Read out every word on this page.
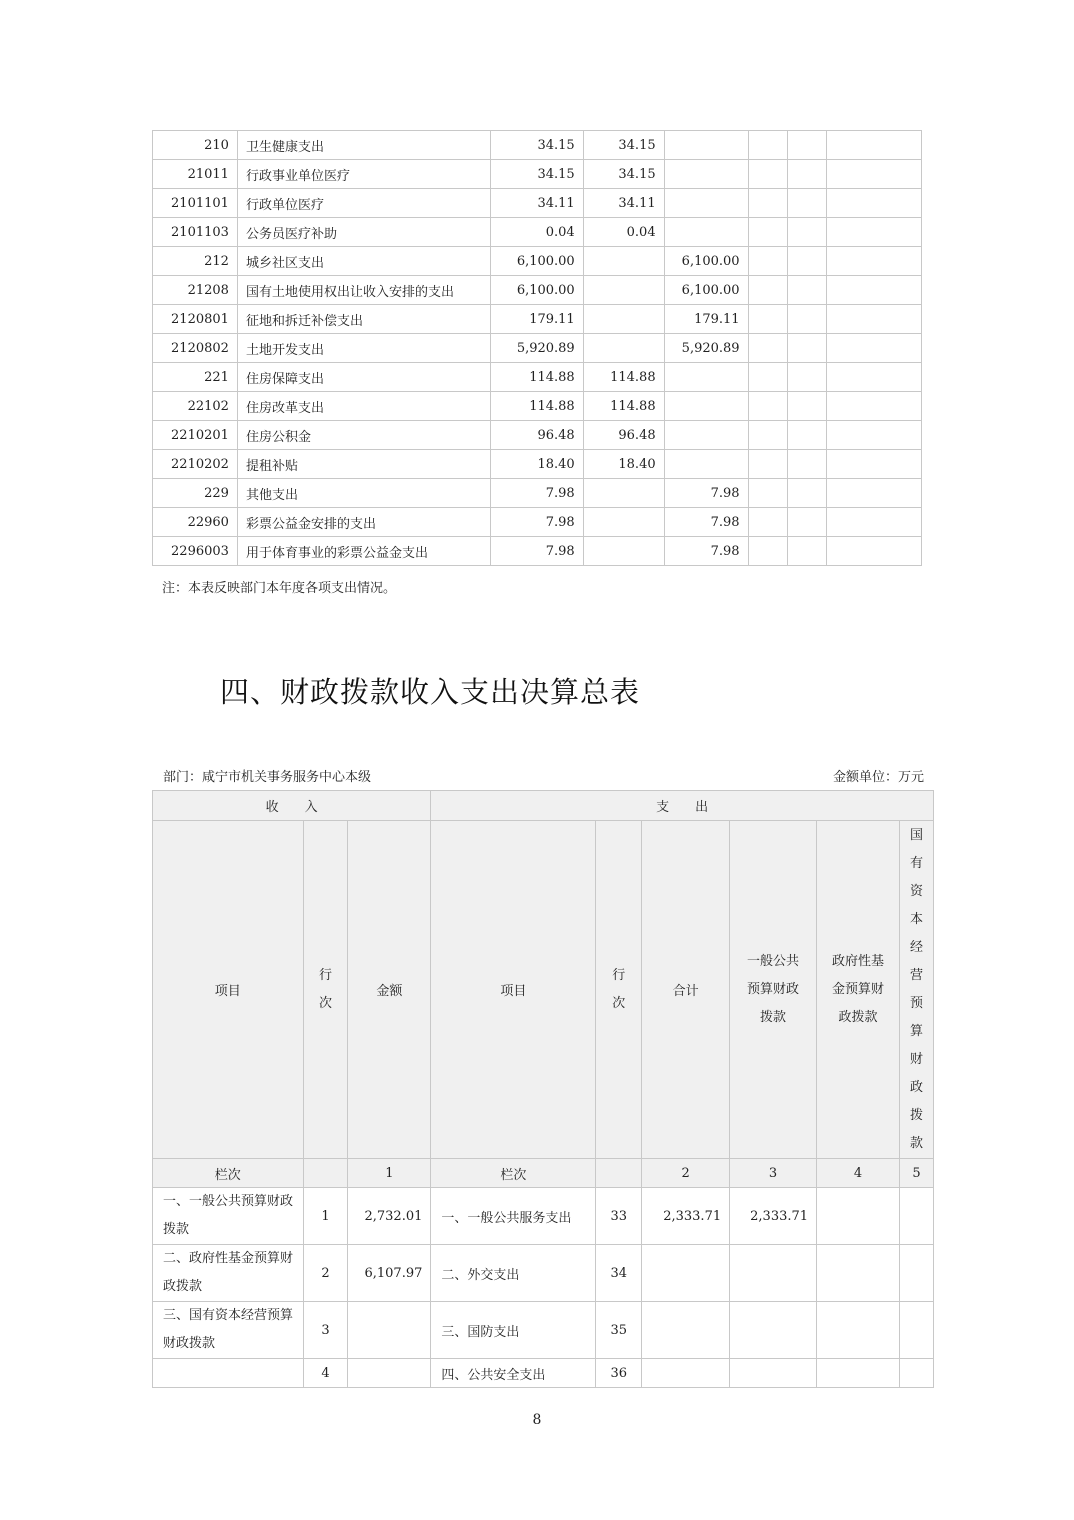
210	卫生健康支出	34.15	34.15				
21011	行政事业单位医疗	34.15	34.15				
2101101	行政单位医疗	34.11	34.11				
2101103	公务员医疗补助	0.04	0.04				
212	城乡社区支出	6,100.00		6,100.00			
21208	国有土地使用权出让收入安排的支出	6,100.00		6,100.00			
2120801	征地和拆迁补偿支出	179.11		179.11			
2120802	土地开发支出	5,920.89		5,920.89			
221	住房保障支出	114.88	114.88				
22102	住房改革支出	114.88	114.88				
2210201	住房公积金	96.48	96.48				
2210202	提租补贴	18.40	18.40				
229	其他支出	7.98		7.98			
22960	彩票公益金安排的支出	7.98		7.98			
2296003	用于体育事业的彩票公益金支出	7.98		7.98			
注：本表反映部门本年度各项支出情况。
四、财政拨款收入支出决算总表
部门：咸宁市机关事务服务中心本级	金额单位：万元
收　　入			支　　出					
项目	行次	金额	项目	行次	合计	一般公共预算财政拨款	政府性基金预算财政拨款	国有资本经营预算财政拨款

栏次		1	栏次		2	3	4	5
一、一般公共预算财政拨款	1	2,732.01	一、一般公共服务支出	33	2,333.71	2,333.71		
二、政府性基金预算财政拨款	2	6,107.97	二、外交支出	34				
三、国有资本经营预算财政拨款	3		三、国防支出	35				
	4		四、公共安全支出	36				
8
